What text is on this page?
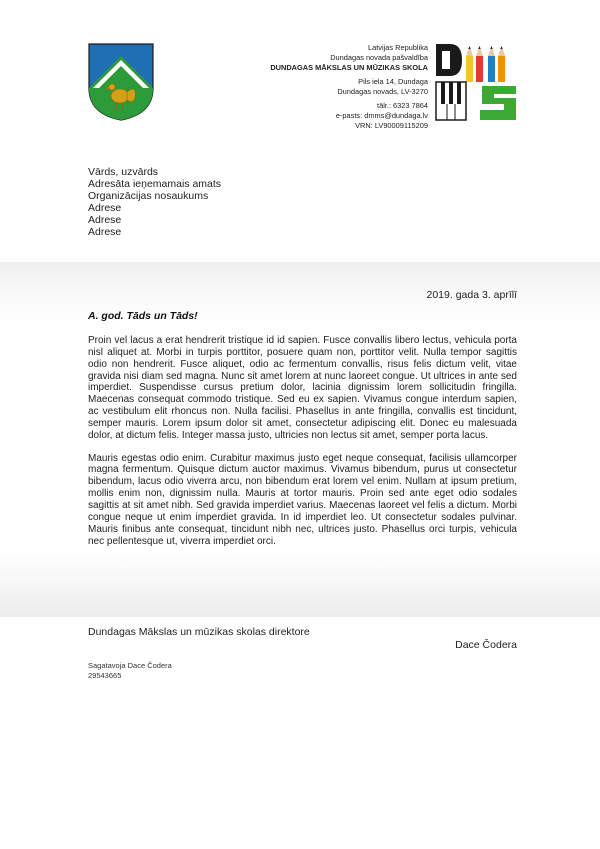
Latvijas Republika
Dundagas novada pašvaldība
DUNDAGAS MĀKSLAS UN MŪZIKAS SKOLA
Pils iela 14, Dundaga
Dundagas novads, LV-3270
tālr.: 6323 7864
e-pasts: dmms@dundaga.lv
VRN: LV90009115209
Vārds, uzvārds
Adresāta ieņemamais amats
Organizācijas nosaukums
Adrese
Adrese
Adrese
2019. gada 3. aprīlī
A. god. Tāds un Tāds!

Proin vel lacus a erat hendrerit tristique id id sapien. Fusce convallis libero lectus, vehicula porta nisl aliquet at. Morbi in turpis porttitor, posuere quam non, porttitor velit. Nulla tempor sagittis odio non hendrerit. Fusce aliquet, odio ac fermentum convallis, risus felis dictum velit, vitae gravida nisi diam sed magna. Nunc sit amet lorem at nunc laoreet congue. Ut ultrices in ante sed imperdiet. Suspendisse cursus pretium dolor, lacinia dignissim lorem sollicitudin fringilla. Maecenas consequat commodo tristique. Sed eu ex sapien. Vivamus congue interdum sapien, ac vestibulum elit rhoncus non. Nulla facilisi. Phasellus in ante fringilla, convallis est tincidunt, semper mauris. Lorem ipsum dolor sit amet, consectetur adipiscing elit. Donec eu malesuada dolor, at dictum felis. Integer massa justo, ultricies non lectus sit amet, semper porta lacus.

Mauris egestas odio enim. Curabitur maximus justo eget neque consequat, facilisis ullamcorper magna fermentum. Quisque dictum auctor maximus. Vivamus bibendum, purus ut consectetur bibendum, lacus odio viverra arcu, non bibendum erat lorem vel enim. Nullam at ipsum pretium, mollis enim non, dignissim nulla. Mauris at tortor mauris. Proin sed ante eget odio sodales sagittis at sit amet nibh. Sed gravida imperdiet varius. Maecenas laoreet vel felis a dictum. Morbi congue neque ut enim imperdiet gravida. In id imperdiet leo. Ut consectetur sodales pulvinar. Mauris finibus ante consequat, tincidunt nibh nec, ultrices justo. Phasellus orci turpis, vehicula nec pellentesque ut, viverra imperdiet orci.

Dundagas Mākslas un mūzikas skolas direktore
Dace Čodera
Sagatavoja Dace Čodera
29543665
